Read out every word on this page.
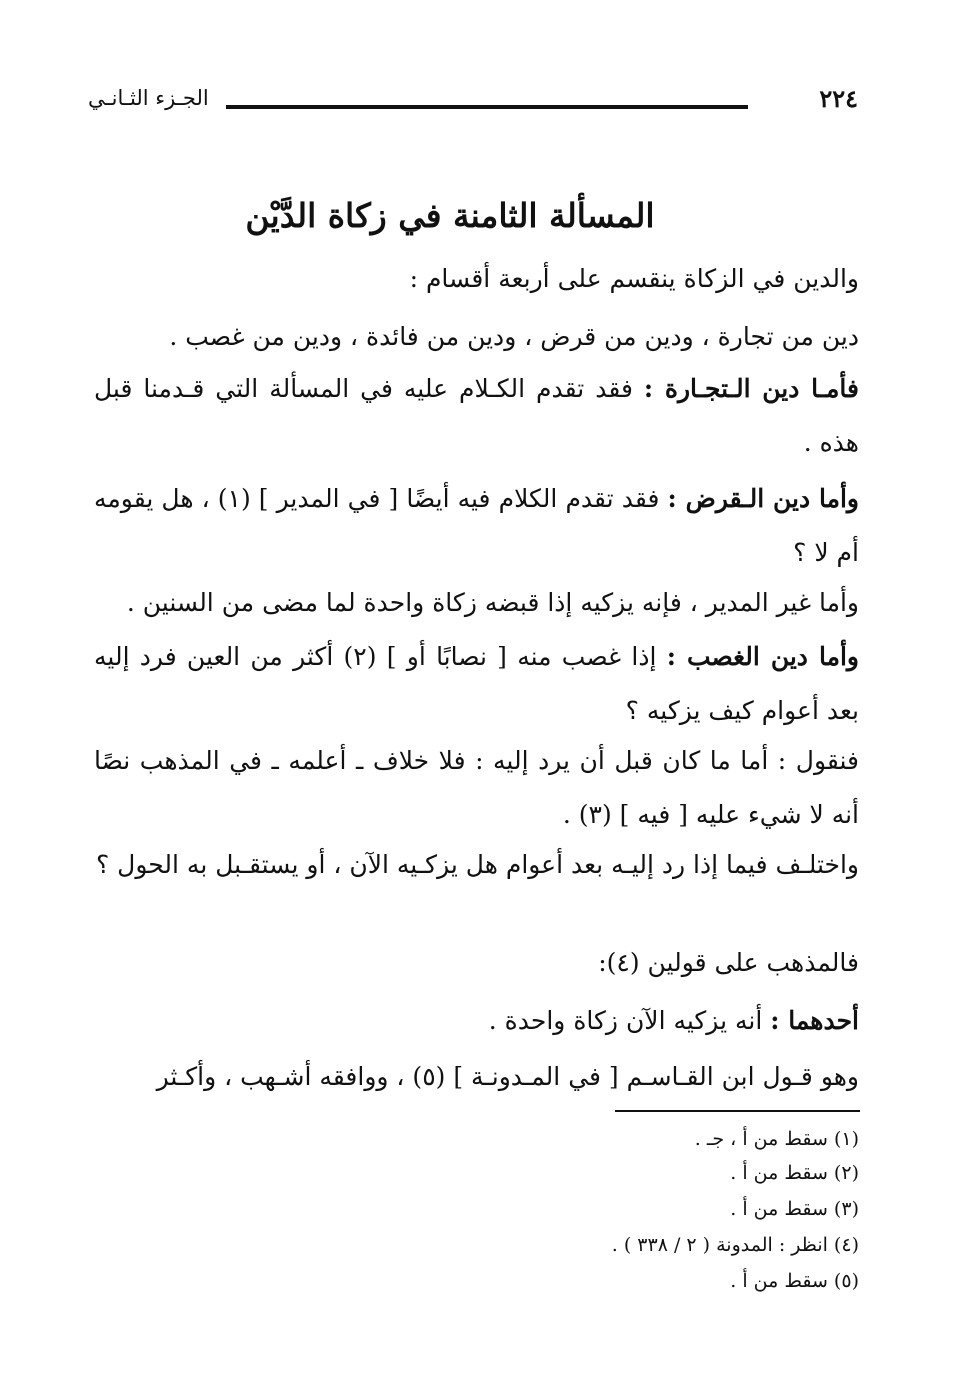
الجـزء الثـانـي	٢٢٤
المسألة الثامنة في زكاة الدَّيْن
والدين في الزكاة ينقسم على أربعة أقسام :
دين من تجارة ، ودين من قرض ، ودين من فائدة ، ودين من غصب .
فأمـا دين الـتجـارة : فقد تقدم الكـلام عليه في المسألة التي قـدمنا قبل هذه .
وأما دين الـقرض : فقد تقدم الكلام فيه أيضًا [ في المدير ] (١) ، هل يقومه أم لا ؟
وأما غير المدير ، فإنه يزكيه إذا قبضه زكاة واحدة لما مضى من السنين .
وأما دين الغصب : إذا غصب منه [ نصابًا أو ] (٢) أكثر من العين فرد إليه بعد أعوام كيف يزكيه ؟
فنقول : أما ما كان قبل أن يرد إليه : فلا خلاف ـ أعلمه ـ في المذهب نصًا أنه لا شيء عليه [ فيه ] (٣) .
واختلـف فيما إذا رد إليـه بعد أعوام هل يزكـيه الآن ، أو يستقـبل به الحول ؟
فالمذهب على قولين (٤):
أحدهما : أنه يزكيه الآن زكاة واحدة .
وهو قـول ابن القـاسـم [ في المـدونـة ] (٥) ، ووافقه أشـهب ، وأكـثر
(١) سقط من أ ، جـ .
(٢) سقط من أ .
(٣) سقط من أ .
(٤) انظر : المدونة ( ٢ / ٣٣٨ ) .
(٥) سقط من أ .
